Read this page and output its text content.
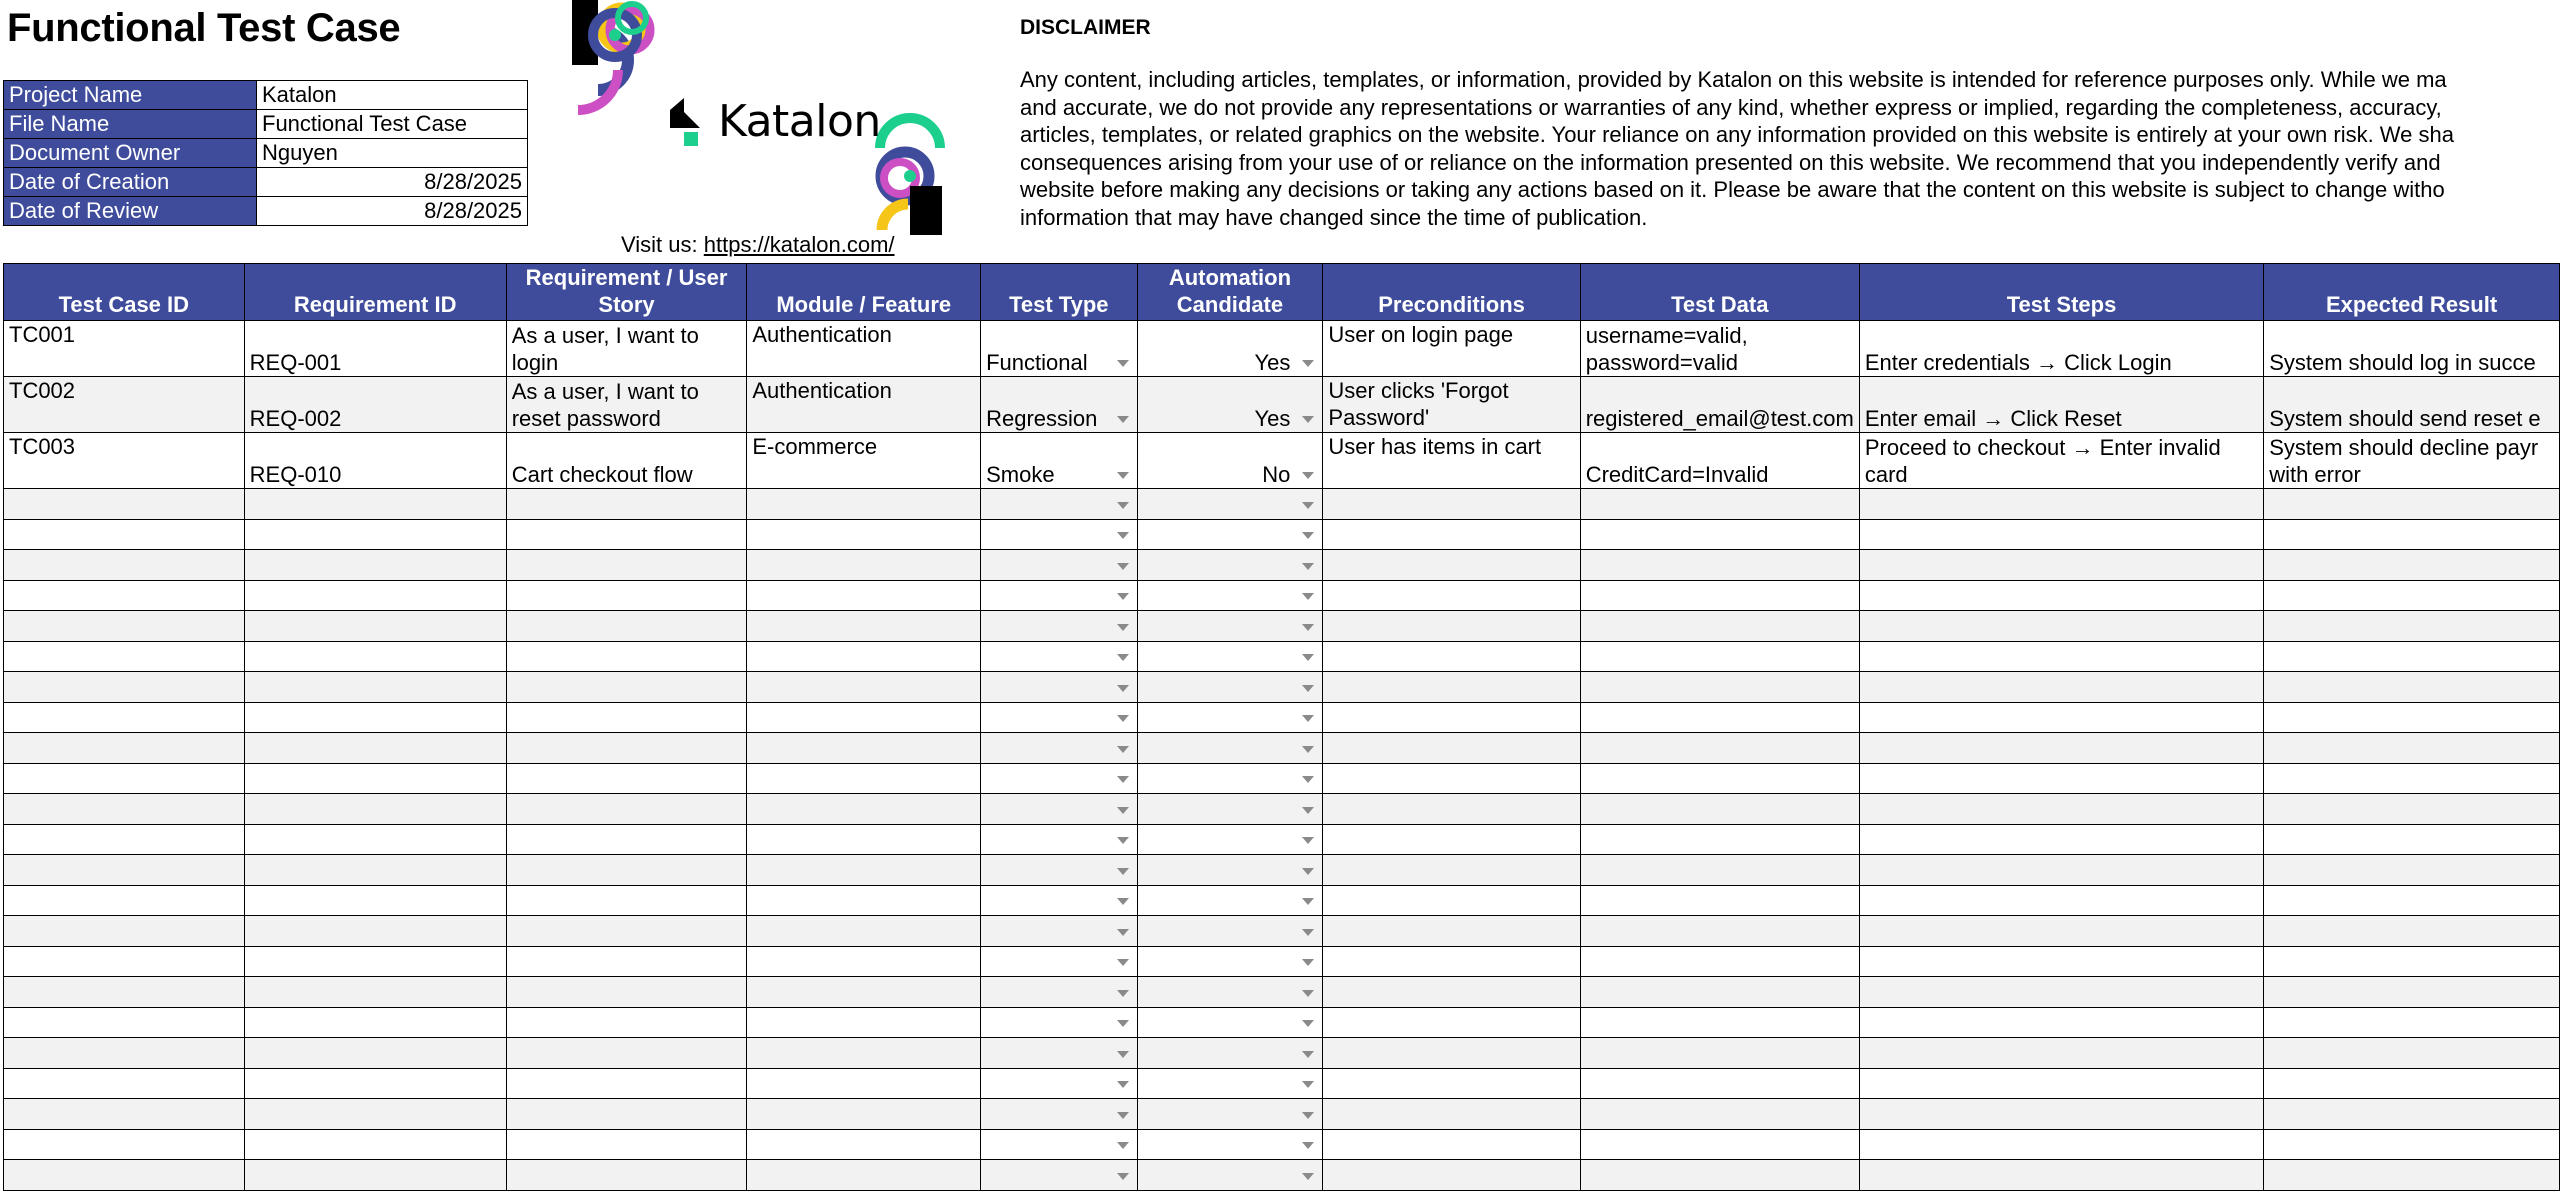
Functional Test Case
Project Name	Katalon
File Name	Functional Test Case
Document Owner	Nguyen
Date of Creation	8/28/2025
Date of Review	8/28/2025
Katalon
Visit us: https://katalon.com/
DISCLAIMER
Any content, including articles, templates, or information, provided by Katalon on this website is intended for reference purposes only. While we ma
and accurate, we do not provide any representations or warranties of any kind, whether express or implied, regarding the completeness, accuracy,
articles, templates, or related graphics on the website. Your reliance on any information provided on this website is entirely at your own risk. We sha
consequences arising from your use of or reliance on the information presented on this website. We recommend that you independently verify and
website before making any decisions or taking any actions based on it. Please be aware that the content on this website is subject to change witho
information that may have changed since the time of publication.
Test Case ID	Requirement ID	Requirement / User Story	Module / Feature	Test Type	Automation Candidate	Preconditions	Test Data	Test Steps	Expected Result

TC001	REQ-001	As a user, I want to login	Authentication	Functional	Yes	User on login page	username=valid, password=valid	Enter credentials → Click Login	System should log in succe

TC002	REQ-002	As a user, I want to reset password	Authentication	Regression	Yes	User clicks 'Forgot Password'	registered_email@test.com	Enter email → Click Reset	System should send reset e

TC003	REQ-010	Cart checkout flow	E-commerce	Smoke	No	User has items in cart	CreditCard=Invalid	Proceed to checkout → Enter invalid card	System should decline payr with error
